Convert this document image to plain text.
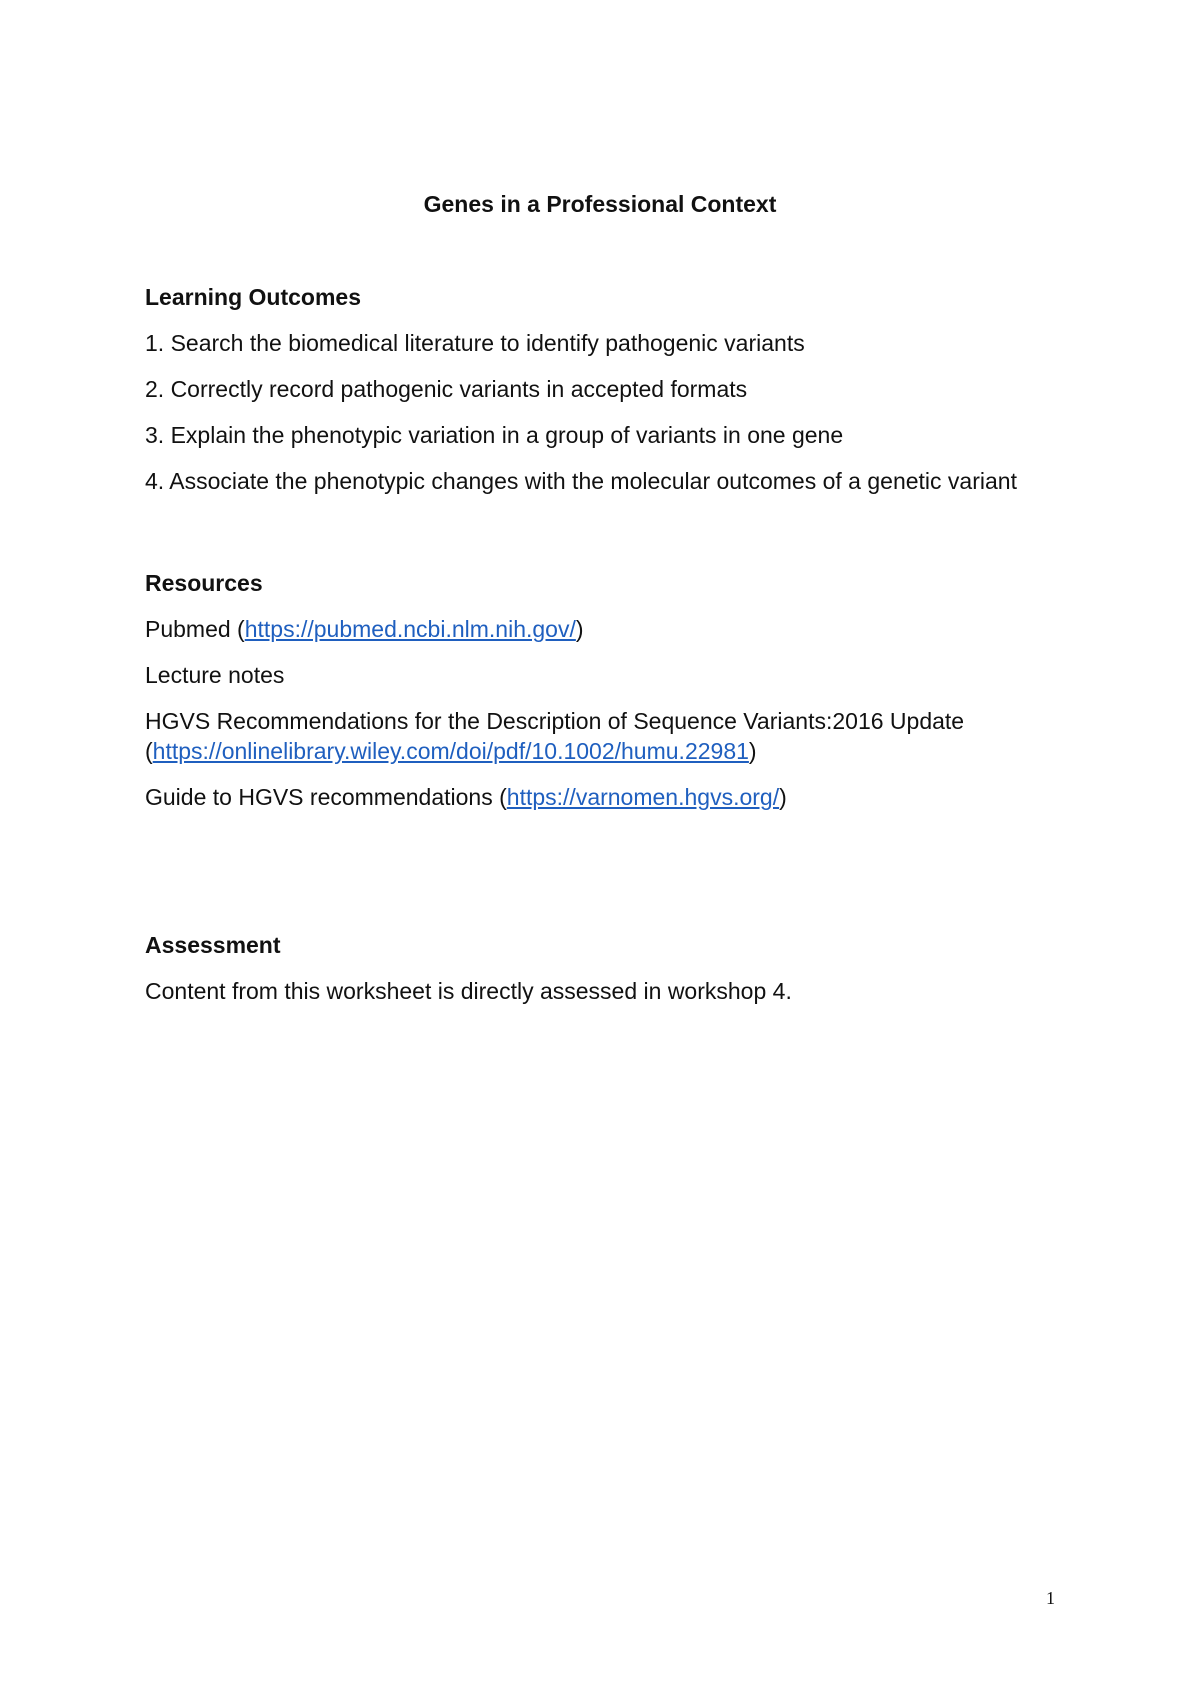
Genes in a Professional Context

Learning Outcomes

1. Search the biomedical literature to identify pathogenic variants

2. Correctly record pathogenic variants in accepted formats

3. Explain the phenotypic variation in a group of variants in one gene

4. Associate the phenotypic changes with the molecular outcomes of a genetic variant

Resources

Pubmed (https://pubmed.ncbi.nlm.nih.gov/)

Lecture notes

HGVS Recommendations for the Description of Sequence Variants:2016 Update (https://onlinelibrary.wiley.com/doi/pdf/10.1002/humu.22981)

Guide to HGVS recommendations (https://varnomen.hgvs.org/)

Assessment

Content from this worksheet is directly assessed in workshop 4.

1
